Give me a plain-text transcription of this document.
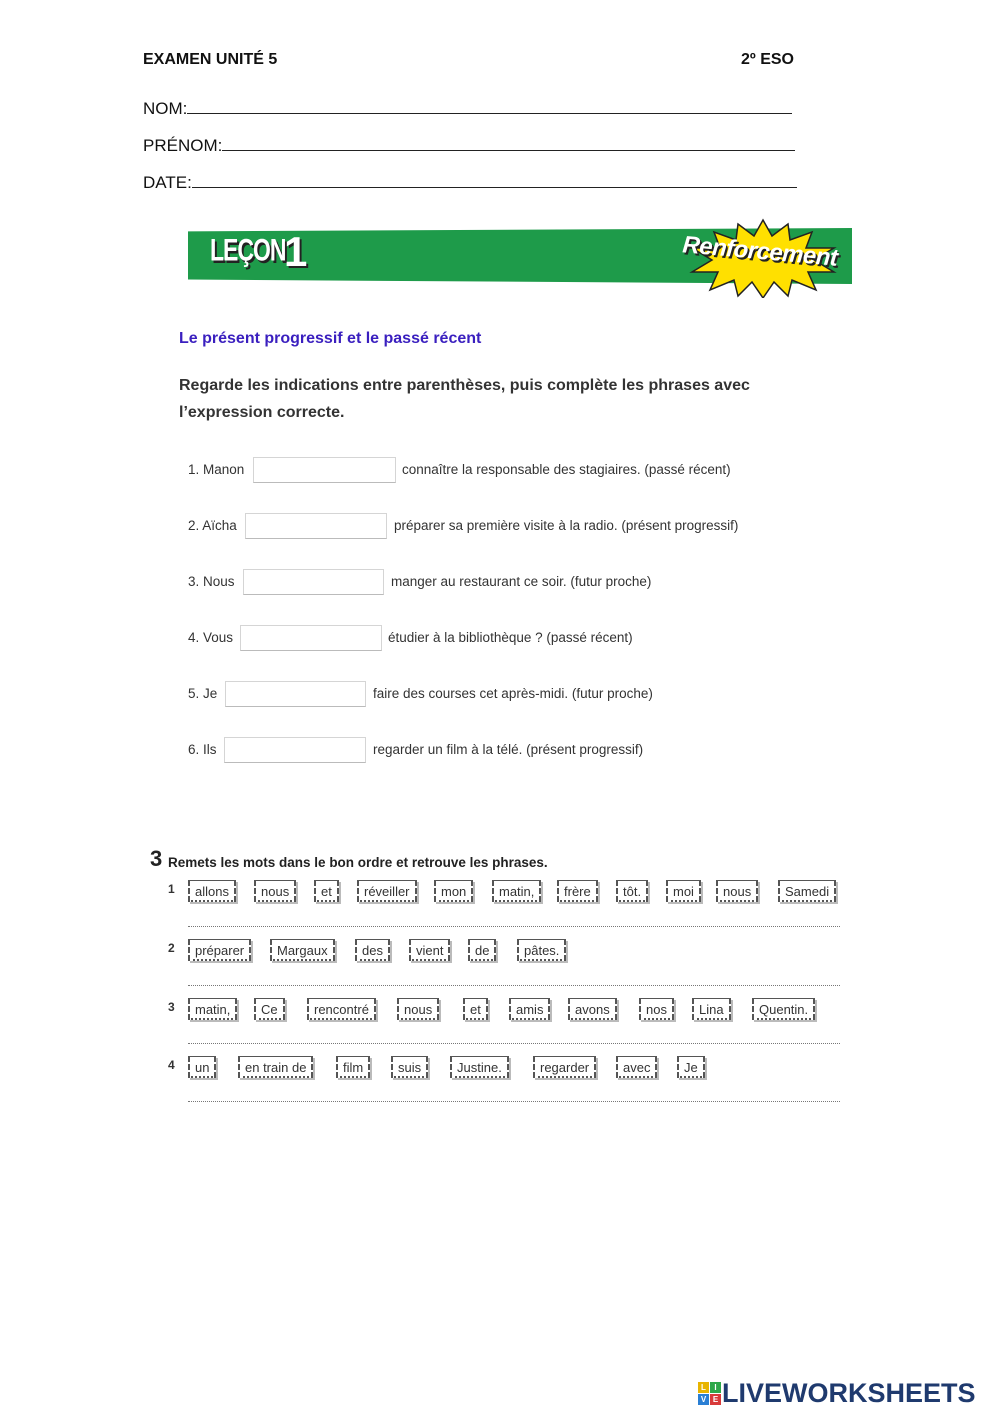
EXAMEN UNITÉ 5	2º ESO
NOM:
PRÉNOM:
DATE:
LEÇON
1	Renforcement
Le présent progressif et le passé récent
Regarde les indications entre parenthèses, puis complète les phrases avec l’expression correcte.
1. Manon	connaître la responsable des stagiaires. (passé récent)
2. Aïcha	préparer sa première visite à la radio. (présent progressif)
3. Nous	manger au restaurant ce soir. (futur proche)
4. Vous	étudier à la bibliothèque ? (passé récent)
5. Je	faire des courses cet après-midi. (futur proche)
6. Ils	regarder un film à la télé. (présent progressif)
3 Remets les mots dans le bon ordre et retrouve les phrases.
1	allons	nous	et	réveiller	mon	matin,	frère	tôt.	moi	nous	Samedi
2	préparer	Margaux	des	vient	de	pâtes.
3	matin,	Ce	rencontré	nous	et	amis	avons	nos	Lina	Quentin.
4	un	en train de	film	suis	Justine.	regarder	avec	Je
L	I
V E LIVEWORKSHEETS
